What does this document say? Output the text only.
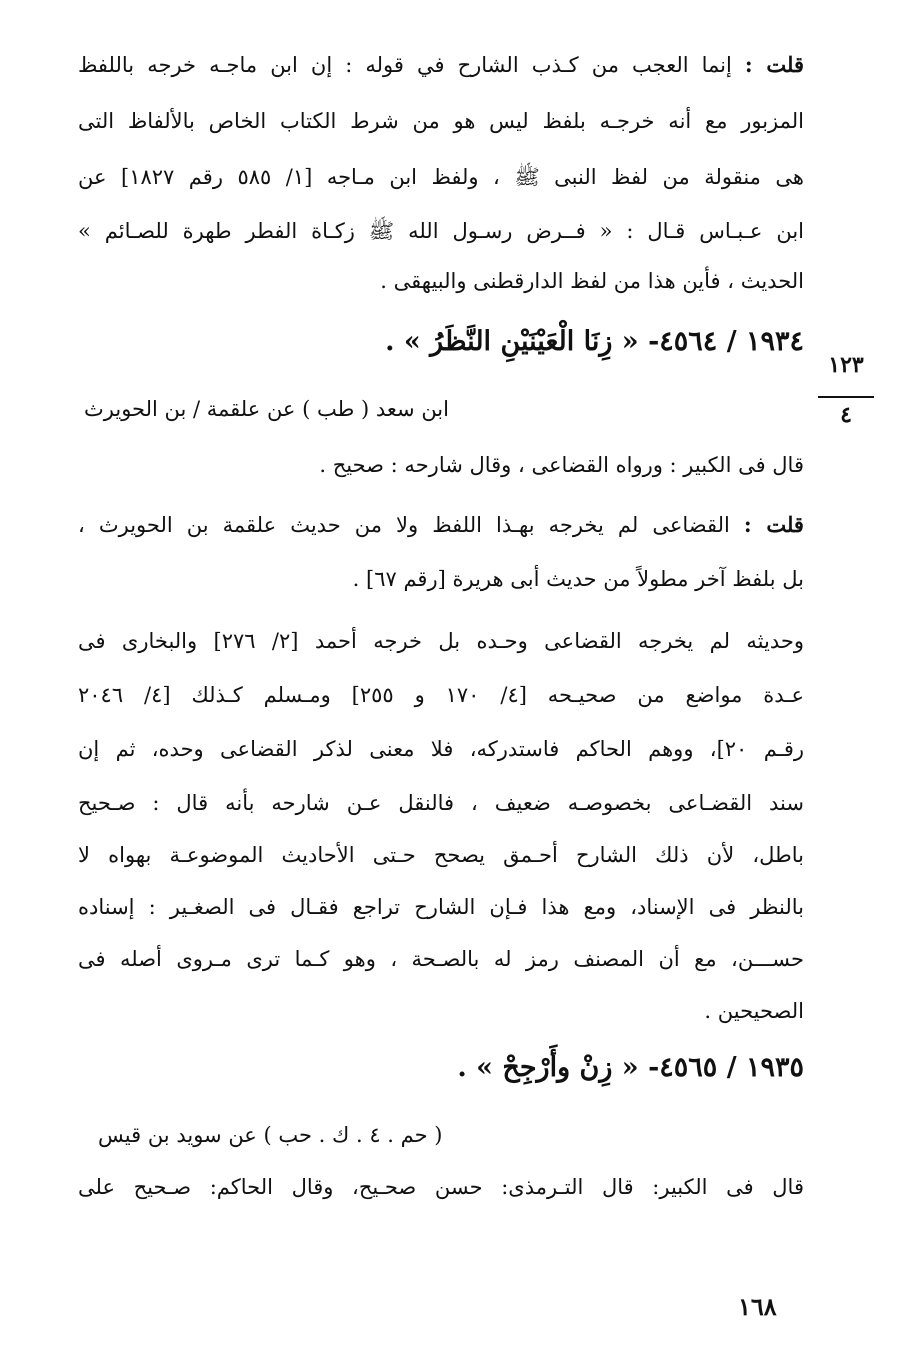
قلت : إنما العجب من كـذب الشارح في قوله : إن ابن ماجـه خرجه باللفظ
المزبور مع أنه خرجـه بلفظ ليس هو من شرط الكتاب الخاص بالألفاظ التى
هى منقولة من لفظ النبى ﷺ ، ولفظ ابن مـاجه [١/ ٥٨٥ رقم ١٨٢٧] عن
ابن عـبـاس قـال : « فــرض رسـول الله ﷺ زكـاة الفطر طهرة للصـائم »
الحديث ، فأين هذا من لفظ الدارقطنى والبيهقى .
١٩٣٤ / ٤٥٦٤- « زِنَا الْعَيْنَيْنِ النَّظَرُ » .
١٢٣
٤
ابن سعد ( طب ) عن علقمة / بن الحويرث
قال فى الكبير : ورواه القضاعى ، وقال شارحه : صحيح .
قلت : القضاعى لم يخرجه بهـذا اللفظ ولا من حديث علقمة بن الحويرث ،
بل بلفظ آخر مطولاً من حديث أبى هريرة [رقم ٦٧] .
وحديثه لم يخرجه القضاعى وحـده بل خرجه أحمد [٢/ ٢٧٦] والبخارى فى
عـدة مواضع من صحيـحه [٤/ ١٧٠ و ٢٥٥] ومـسلم كـذلك [٤/ ٢٠٤٦
رقـم ٢٠]، ووهم الحاكم فاستدركه، فلا معنى لذكر القضاعى وحده، ثم إن
سند القضـاعى بخصوصـه ضعيف ، فالنقل عـن شارحه بأنه قال : صـحيح
باطل، لأن ذلك الشارح أحـمق يصحح حـتى الأحاديث الموضوعـة بهواه لا
بالنظر فى الإسناد، ومع هذا فـإن الشارح تراجع فقـال فى الصغـير : إسناده
حســـن، مع أن المصنف رمز له بالصـحة ، وهو كـما ترى مـروى أصله فى
الصحيحين .
١٩٣٥ / ٤٥٦٥- « زِنْ وأَرْجِحْ » .
( حم . ٤ . ك . حب ) عن سويد بن قيس
قال فى الكبير: قال التـرمذى: حسن صحـيح، وقال الحاكم: صـحيح على
١٦٨
